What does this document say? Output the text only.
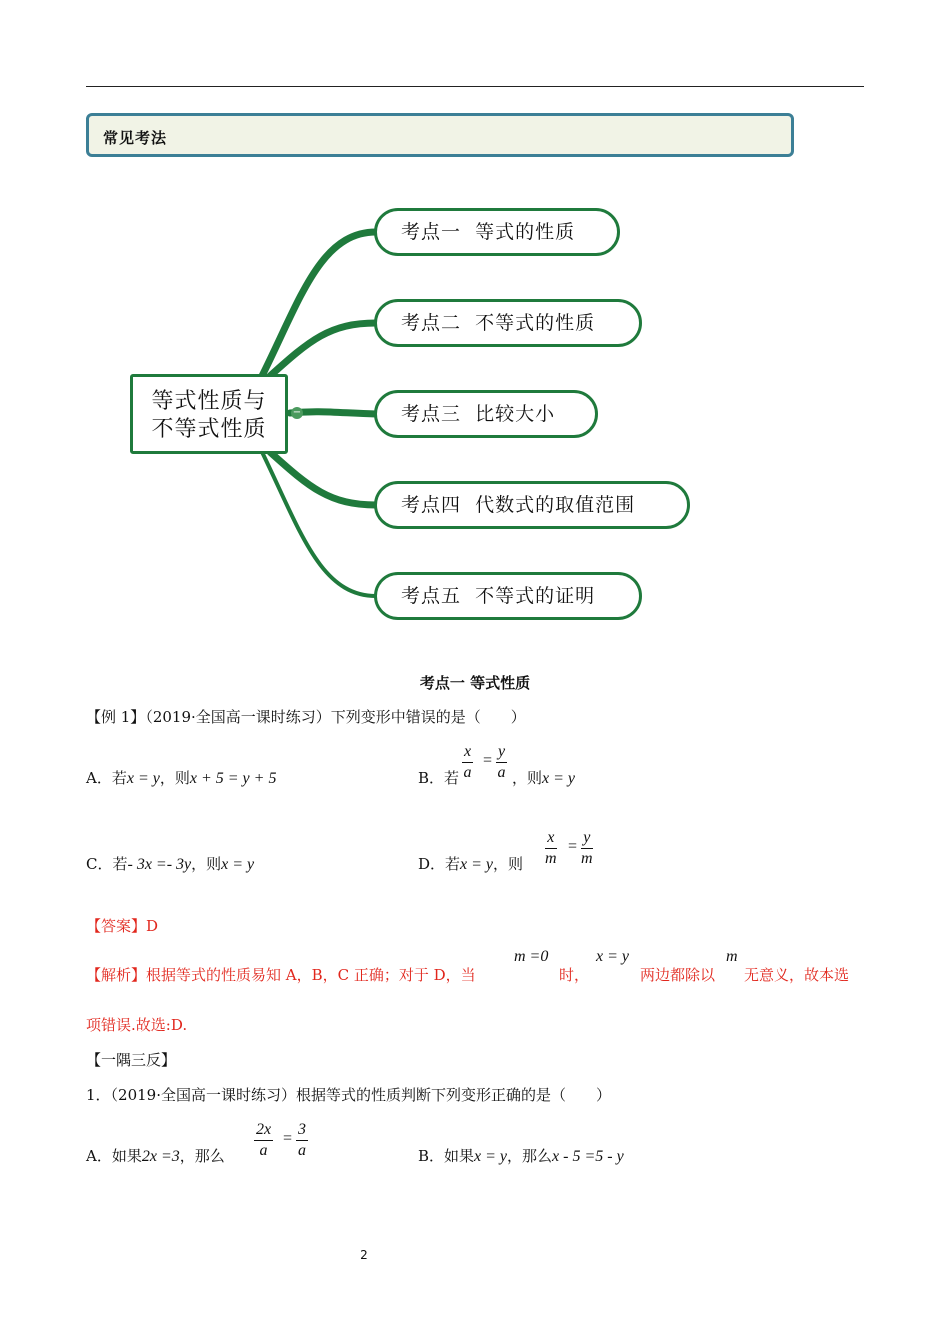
常见考法
等式性质与
不等式性质
−
考点一  等式的性质
考点二  不等式的性质
考点三  比较大小
考点四  代数式的取值范围
考点五  不等式的证明
考点一 等式性质
【例 1】（2019·全国高一课时练习）下列变形中错误的是（　　）
A．若x = y，则x + 5 = y + 5	B．若 $\frac{x}{a} = \frac{y}{a}$ ，则x = y
C．若- 3x =- 3y，则x = y	D．若x = y，则 $\frac{x}{m} = \frac{y}{m}$
【答案】D
【解析】根据等式的性质易知 A，B，C 正确；对于 D，当
m =0
时，
x = y
两边都除以
m
无意义，故本选
项错误.故选:D.
【一隅三反】
1．（2019·全国高一课时练习）根据等式的性质判断下列变形正确的是（　　）
A．如果2x =3，那么 $\frac{2x}{a} = \frac{3}{a}$	B．如果x = y，那么x - 5 =5 - y
2
